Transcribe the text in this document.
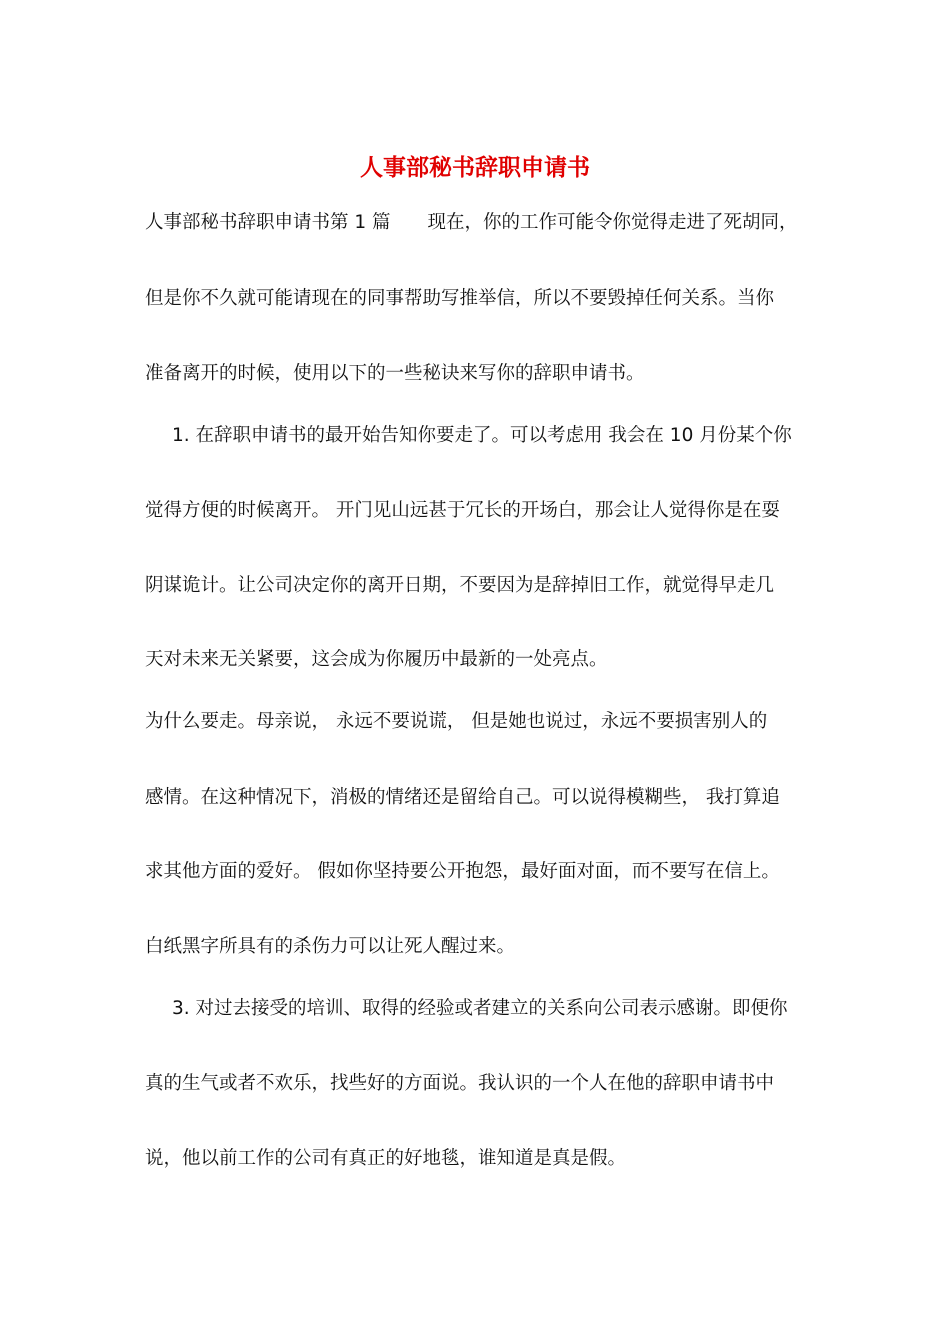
人事部秘书辞职申请书

人事部秘书辞职申请书第 1 篇　　现在，你的工作可能令你觉得走进了死胡同，

但是你不久就可能请现在的同事帮助写推举信，所以不要毁掉任何关系。当你

准备离开的时候，使用以下的一些秘诀来写你的辞职申请书。

1. 在辞职申请书的最开始告知你要走了。可以考虑用 我会在 10 月份某个你

觉得方便的时候离开。 开门见山远甚于冗长的开场白，那会让人觉得你是在耍

阴谋诡计。让公司决定你的离开日期，不要因为是辞掉旧工作，就觉得早走几

天对未来无关紧要，这会成为你履历中最新的一处亮点。

为什么要走。母亲说， 永远不要说谎， 但是她也说过，永远不要损害别人的

感情。在这种情况下，消极的情绪还是留给自己。可以说得模糊些， 我打算追

求其他方面的爱好。 假如你坚持要公开抱怨，最好面对面，而不要写在信上。

白纸黑字所具有的杀伤力可以让死人醒过来。

3. 对过去接受的培训、取得的经验或者建立的关系向公司表示感谢。即便你

真的生气或者不欢乐，找些好的方面说。我认识的一个人在他的辞职申请书中

说，他以前工作的公司有真正的好地毯，谁知道是真是假。
